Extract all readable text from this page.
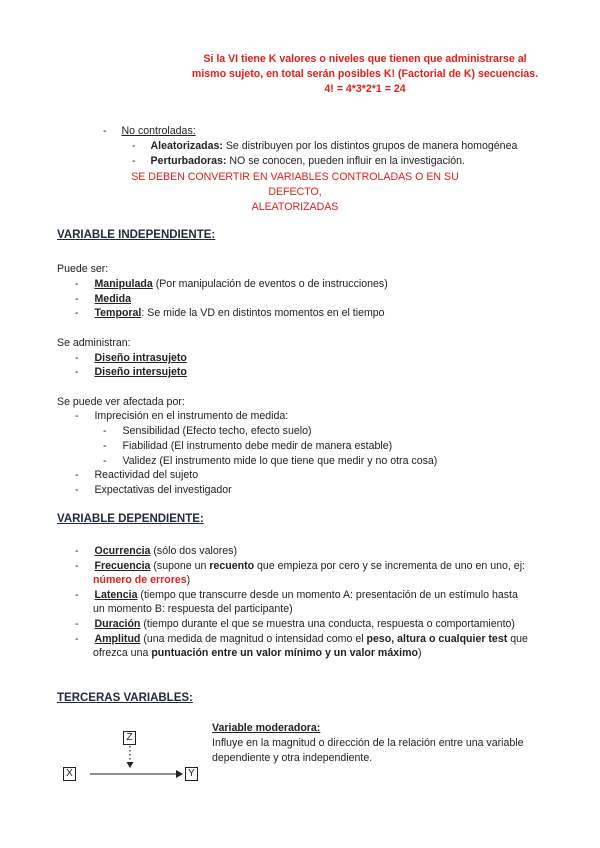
Si la VI tiene K valores o niveles que tienen que administrarse al
mismo sujeto, en total serán posibles K! (Factorial de K) secuencias.
4! = 4*3*2*1 = 24
- No controladas:
- Aleatorizadas: Se distribuyen por los distintos grupos de manera homogénea
- Perturbadoras: NO se conocen, pueden influir en la investigación.
SE DEBEN CONVERTIR EN VARIABLES CONTROLADAS O EN SU DEFECTO,
ALEATORIZADAS
VARIABLE INDEPENDIENTE:
Puede ser:
- Manipulada (Por manipulación de eventos o de instrucciones)
- Medida
- Temporal: Se mide la VD en distintos momentos en el tiempo
Se administran:
- Diseño intrasujeto
- Diseño intersujeto
Se puede ver afectada por:
- Imprecisión en el instrumento de medida:
- Sensibilidad (Efecto techo, efecto suelo)
- Fiabilidad (El instrumento debe medir de manera estable)
- Validez (El instrumento mide lo que tiene que medir y no otra cosa)
- Reactividad del sujeto
- Expectativas del investigador
VARIABLE DEPENDIENTE:
- Ocurrencia (sólo dos valores)
- Frecuencia (supone un recuento que empieza por cero y se incrementa de uno en uno, ej:
número de errores)
- Latencia (tiempo que transcurre desde un momento A: presentación de un estímulo hasta
un momento B: respuesta del participante)
- Duración (tiempo durante el que se muestra una conducta, respuesta o comportamiento)
- Amplitud (una medida de magnitud o intensidad como el peso, altura o cualquier test que
ofrezca una puntuación entre un valor mínimo y un valor máximo)
TERCERAS VARIABLES:
Z
X	Y
Variable moderadora:
Influye en la magnitud o dirección de la relación entre una variable
dependiente y otra independiente.
